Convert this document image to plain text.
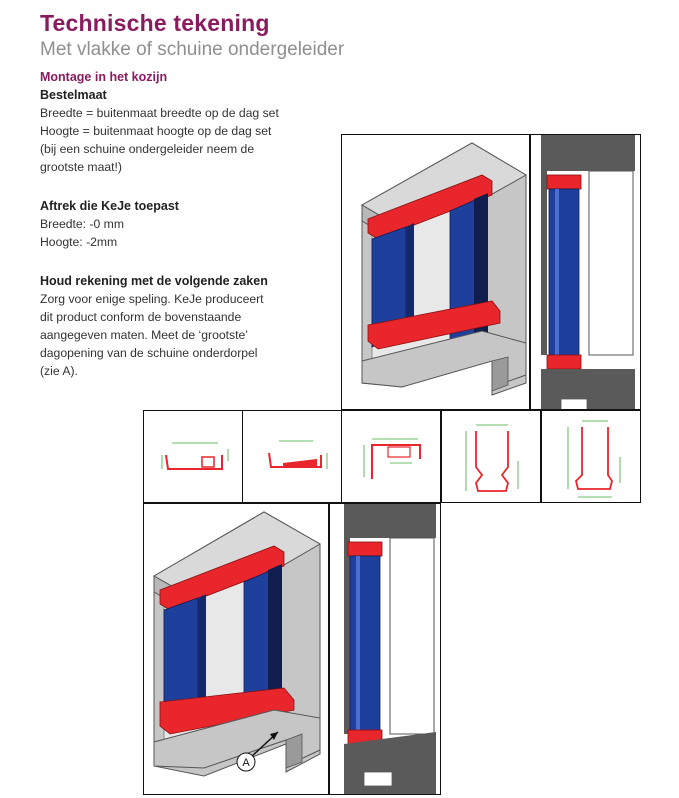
Technische tekening
Met vlakke of schuine ondergeleider
Montage in het kozijn
Bestelmaat
Breedte = buitenmaat breedte op de dag set
Hoogte = buitenmaat hoogte op de dag set
(bij een schuine ondergeleider neem de
grootste maat!)
Aftrek die KeJe toepast
Breedte: -0 mm
Hoogte: -2mm
Houd rekening met de volgende zaken
Zorg voor enige speling. KeJe produceert
dit product conform de bovenstaande
aangegeven maten. Meet de ‘grootste’
dagopening van de schuine onderdorpel
(zie A).
A
